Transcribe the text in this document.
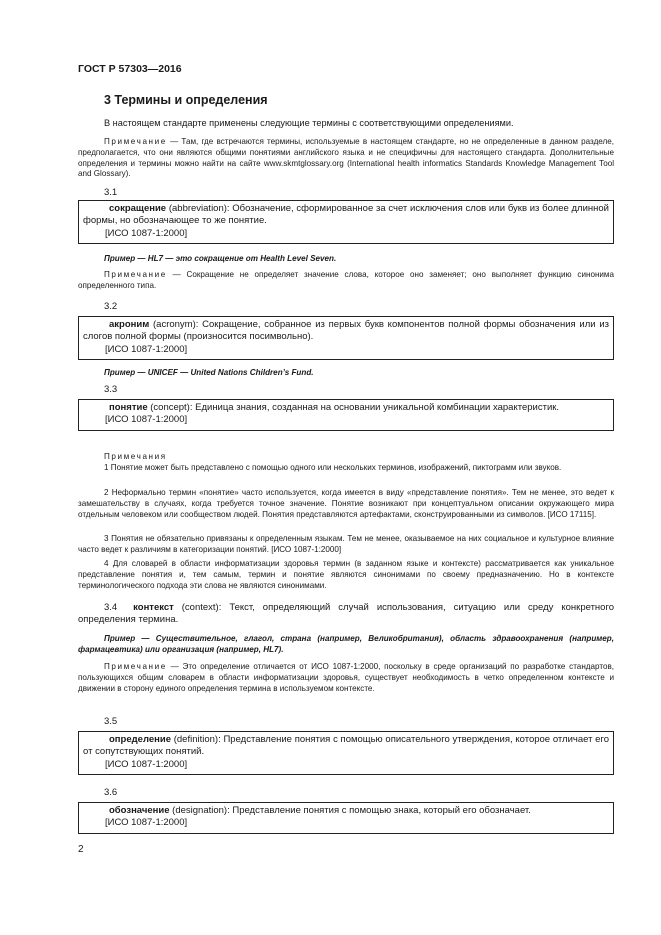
ГОСТ Р 57303—2016
3 Термины и определения
В настоящем стандарте применены следующие термины с соответствующими определениями.
Примечание — Там, где встречаются термины, используемые в настоящем стандарте, но не определенные в данном разделе, предполагается, что они являются общими понятиями английского языка и не специфичны для настоящего стандарта. Дополнительные определения и термины можно найти на сайте www.skmtglossary.org (International health informatics Standards Knowledge Management Tool and Glossary).
3.1
сокращение (abbreviation): Обозначение, сформированное за счет исключения слов или букв из более длинной формы, но обозначающее то же понятие.
[ИСО 1087-1:2000]
Пример — HL7 — это сокращение от Health Level Seven.
Примечание — Сокращение не определяет значение слова, которое оно заменяет; оно выполняет функцию синонима определенного типа.
3.2
акроним (acronym): Сокращение, собранное из первых букв компонентов полной формы обозначения или из слогов полной формы (произносится посимвольно).
[ИСО 1087-1:2000]
Пример — UNICEF — United Nations Children’s Fund.
3.3
понятие (concept): Единица знания, созданная на основании уникальной комбинации характеристик.
[ИСО 1087-1:2000]
Примечания
1 Понятие может быть представлено с помощью одного или нескольких терминов, изображений, пиктограмм или звуков.
2 Неформально термин «понятие» часто используется, когда имеется в виду «представление понятия». Тем не менее, это ведет к замешательству в случаях, когда требуется точное значение. Понятие возникают при концептуальном описании окружающего мира отдельным человеком или сообществом людей. Понятия представляются артефактами, сконструированными из символов. [ИСО 17115].
3 Понятия не обязательно привязаны к определенным языкам. Тем не менее, оказываемое на них социальное и культурное влияние часто ведет к различиям в категоризации понятий. [ИСО 1087-1:2000]
4 Для словарей в области информатизации здоровья термин (в заданном языке и контексте) рассматривается как уникальное представление понятия и, тем самым, термин и понятие являются синонимами по своему предназначению. Но в контексте терминологического подхода эти слова не являются синонимами.
3.4 контекст (context): Текст, определяющий случай использования, ситуацию или среду конкретного определения термина.
Пример — Существительное, глагол, страна (например, Великобритания), область здравоохранения (например, фармацевтика) или организация (например, HL7).
Примечание — Это определение отличается от ИСО 1087-1:2000, поскольку в среде организаций по разработке стандартов, пользующихся общим словарем в области информатизации здоровья, существует необходимость в четко определенном контексте и движении в сторону единого определения термина в используемом контексте.
3.5
определение (definition): Представление понятия с помощью описательного утверждения, которое отличает его от сопутствующих понятий.
[ИСО 1087-1:2000]
3.6
обозначение (designation): Представление понятия с помощью знака, который его обозначает.
[ИСО 1087-1:2000]
2
